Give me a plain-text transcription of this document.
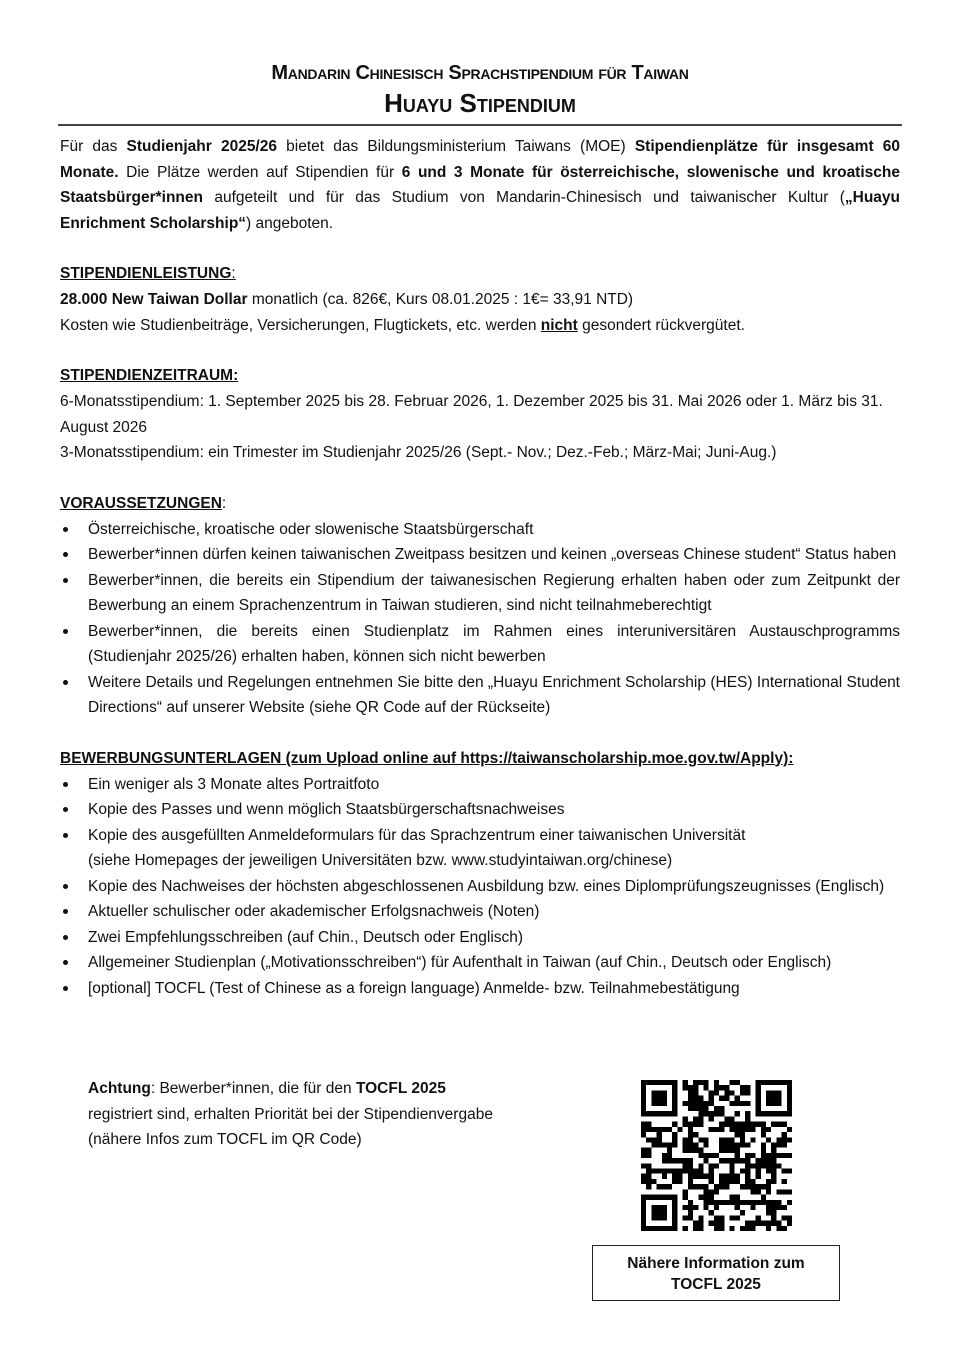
Mandarin Chinesisch Sprachstipendium für Taiwan
Huayu Stipendium

Für das Studienjahr 2025/26 bietet das Bildungsministerium Taiwans (MOE) Stipendienplätze für insgesamt 60 Monate. Die Plätze werden auf Stipendien für 6 und 3 Monate für österreichische, slowenische und kroatische Staatsbürger*innen aufgeteilt und für das Studium von Mandarin-Chinesisch und taiwanischer Kultur („Huayu Enrichment Scholarship“) angeboten.

STIPENDIENLEISTUNG:

28.000 New Taiwan Dollar monatlich (ca. 826€, Kurs 08.01.2025 : 1€= 33,91 NTD)

Kosten wie Studienbeiträge, Versicherungen, Flugtickets, etc. werden nicht gesondert rückvergütet.

STIPENDIENZEITRAUM:

6-Monatsstipendium: 1. September 2025 bis 28. Februar 2026, 1. Dezember 2025 bis 31. Mai 2026 oder 1. März bis 31. August 2026

3-Monatsstipendium: ein Trimester im Studienjahr 2025/26 (Sept.- Nov.; Dez.-Feb.; März-Mai; Juni-Aug.)

VORAUSSETZUNGEN:
Österreichische, kroatische oder slowenische Staatsbürgerschaft
Bewerber*innen dürfen keinen taiwanischen Zweitpass besitzen und keinen „overseas Chinese student“ Status haben
Bewerber*innen, die bereits ein Stipendium der taiwanesischen Regierung erhalten haben oder zum Zeitpunkt der Bewerbung an einem Sprachenzentrum in Taiwan studieren, sind nicht teilnahmeberechtigt
Bewerber*innen, die bereits einen Studienplatz im Rahmen eines interuniversitären Austauschprogramms (Studienjahr 2025/26) erhalten haben, können sich nicht bewerben
Weitere Details und Regelungen entnehmen Sie bitte den „Huayu Enrichment Scholarship (HES) International Student Directions“ auf unserer Website (siehe QR Code auf der Rückseite)
BEWERBUNGSUNTERLAGEN (zum Upload online auf https://taiwanscholarship.moe.gov.tw/Apply):
Ein weniger als 3 Monate altes Portraitfoto
Kopie des Passes und wenn möglich Staatsbürgerschaftsnachweises
Kopie des ausgefüllten Anmeldeformulars für das Sprachzentrum einer taiwanischen Universität
(siehe Homepages der jeweiligen Universitäten bzw. www.studyintaiwan.org/chinese)
Kopie des Nachweises der höchsten abgeschlossenen Ausbildung bzw. eines Diplomprüfungszeugnisses (Englisch)
Aktueller schulischer oder akademischer Erfolgsnachweis (Noten)
Zwei Empfehlungsschreiben (auf Chin., Deutsch oder Englisch)
Allgemeiner Studienplan („Motivationsschreiben“) für Aufenthalt in Taiwan (auf Chin., Deutsch oder Englisch)
[optional] TOCFL (Test of Chinese as a foreign language) Anmelde- bzw. Teilnahmebestätigung
Achtung: Bewerber*innen, die für den TOCFL 2025
registriert sind, erhalten Priorität bei der Stipendienvergabe
(nähere Infos zum TOCFL im QR Code)
Nähere Information zum
TOCFL 2025
